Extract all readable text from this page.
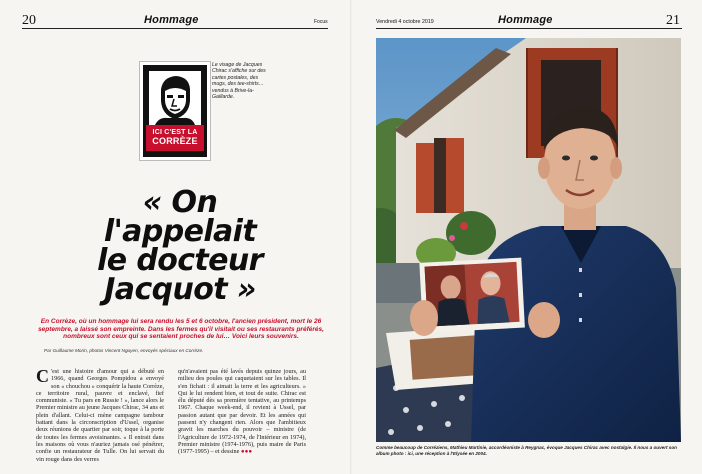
20	Hommage	Focus
ICI C'EST LA
CORRÈZE
Le visage de Jacques Chirac s'affiche sur des cartes postales, des mugs, des tee-shirts… vendus à Brive-la-Gaillarde.
« On
l'appelait
le docteur
Jacquot »
En Corrèze, où un hommage lui sera rendu les 5 et 6 octobre, l'ancien président, mort le 26 septembre, a laissé son empreinte. Dans les fermes qu'il visitait ou ses restaurants préférés, nombreux sont ceux qui se sentaient proches de lui… Voici leurs souvenirs.
Par Guillaume Morin, photos Vincent Nguyen, envoyés spéciaux en Corrèze.
C 'est une histoire d'amour qui a débuté en 1966, quand Georges Pompidou a envoyé son « chouchou » conquérir la haute Corrèze, ce territoire rural, pauvre et enclavé, fief communiste. « Tu pars en Russie ! », lance alors le Premier ministre au jeune Jacques Chirac, 34 ans et plein d'allant. Celui-ci mène campagne tambour battant dans la circonscription d'Ussel, organise deux réunions de quartier par soir, toque à la porte de toutes les fermes avoisinantes. « Il entrait dans les maisons où vous n'auriez jamais osé pénétrer, confie un restaurateur de Tulle. On lui servait du vin rouge dans des verres
qu'n'avaient pas été lavés depuis quinze jours, au milieu des poules qui caquetaient sur les tables. Il s'en fichait : il aimait la terre et les agriculteurs. » Qui le lui rendent bien, et tout de suite. Chirac est élu député dès sa première tentative, au printemps 1967. Chaque week-end, il revient à Ussel, par passion autant que par devoir. Et les années qui passent n'y changent rien. Alors que l'ambitieux gravit les marches du pouvoir – ministre (de l'Agriculture de 1972-1974, de l'Intérieur en 1974), Premier ministre (1974-1976), puis maire de Paris (1977-1995) – et dessine ●●●
Vendredi 4 octobre 2019	Hommage	21
Comme beaucoup de Corréziens, Mathieu Martinie, accordéoniste à Reygnac, évoque Jacques Chirac avec nostalgie. Il nous a ouvert son album photo : ici, une réception à l'Elysée en 2004.
